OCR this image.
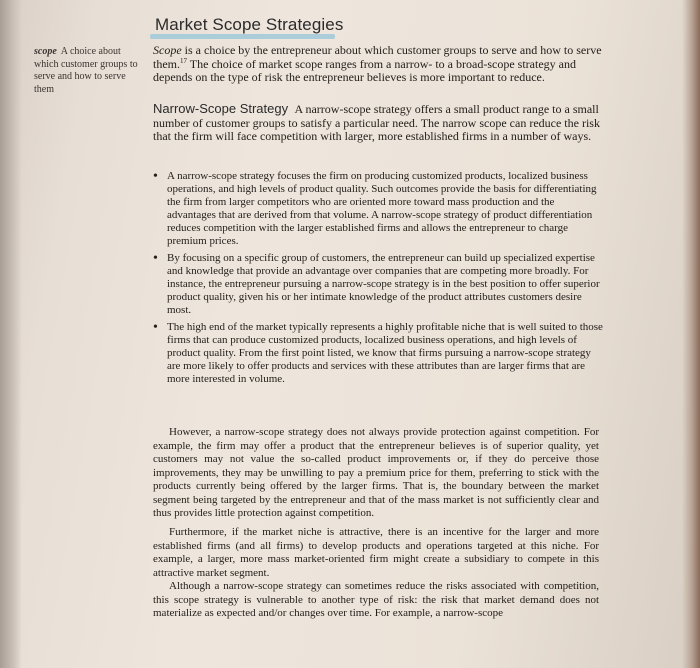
Market Scope Strategies
scope A choice about which customer groups to serve and how to serve them
Scope is a choice by the entrepreneur about which customer groups to serve and how to serve them.$^{17}$ The choice of market scope ranges from a narrow- to a broad-scope strategy and depends on the type of risk the entrepreneur believes is more important to reduce.
Narrow-Scope Strategy A narrow-scope strategy offers a small product range to a small number of customer groups to satisfy a particular need. The narrow scope can reduce the risk that the firm will face competition with larger, more established firms in a number of ways.
• A narrow-scope strategy focuses the firm on producing customized products, localized business operations, and high levels of product quality. Such outcomes provide the basis for differentiating the firm from larger competitors who are oriented more toward mass production and the advantages that are derived from that volume. A narrow-scope strategy of product differentiation reduces competition with the larger established firms and allows the entrepreneur to charge premium prices.
• By focusing on a specific group of customers, the entrepreneur can build up specialized expertise and knowledge that provide an advantage over companies that are competing more broadly. For instance, the entrepreneur pursuing a narrow-scope strategy is in the best position to offer superior product quality, given his or her intimate knowledge of the product attributes customers desire most.
• The high end of the market typically represents a highly profitable niche that is well suited to those firms that can produce customized products, localized business operations, and high levels of product quality. From the first point listed, we know that firms pursuing a narrow-scope strategy are more likely to offer products and services with these attributes than are larger firms that are more interested in volume.
However, a narrow-scope strategy does not always provide protection against competition. For example, the firm may offer a product that the entrepreneur believes is of superior quality, yet customers may not value the so-called product improvements or, if they do perceive those improvements, they may be unwilling to pay a premium price for them, preferring to stick with the products currently being offered by the larger firms. That is, the boundary between the market segment being targeted by the entrepreneur and that of the mass market is not sufficiently clear and thus provides little protection against competition.
Furthermore, if the market niche is attractive, there is an incentive for the larger and more established firms (and all firms) to develop products and operations targeted at this niche. For example, a larger, more mass market-oriented firm might create a subsidiary to compete in this attractive market segment.
Although a narrow-scope strategy can sometimes reduce the risks associated with competition, this scope strategy is vulnerable to another type of risk: the risk that market demand does not materialize as expected and/or changes over time. For example, a narrow-scope
